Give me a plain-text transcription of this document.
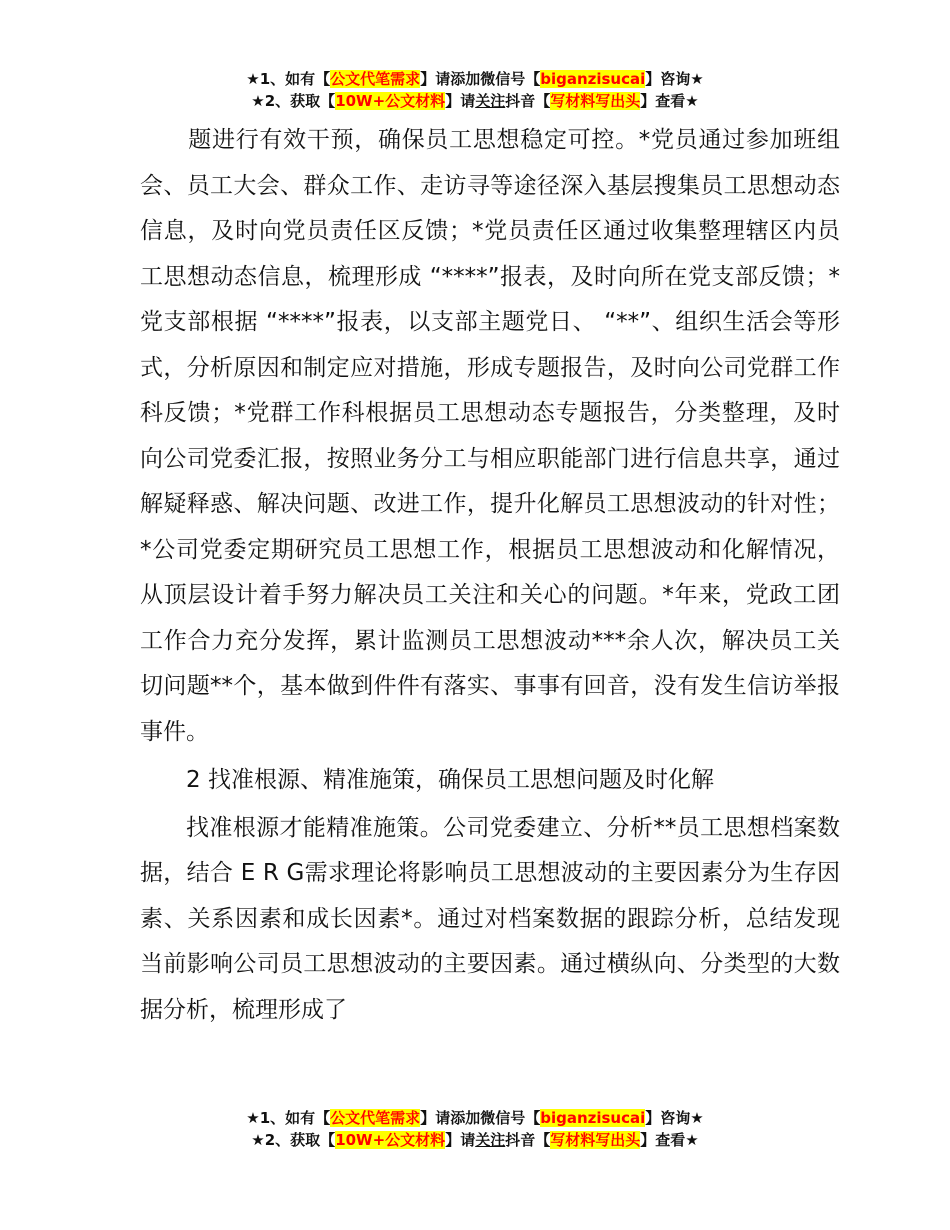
★1、如有【公文代笔需求】请添加微信号【biganzisucai】咨询★
★2、获取【10W+公文材料】请关注抖音【写材料写出头】查看★

题进行有效干预，确保员工思想稳定可控。*党员通过参加班组会、员工大会、群众工作、走访寻等途径深入基层搜集员工思想动态信息，及时向党员责任区反馈；*党员责任区通过收集整理辖区内员工思想动态信息，梳理形成 “****”报表，及时向所在党支部反馈；*党支部根据 “****”报表，以支部主题党日、 “**”、组织生活会等形式，分析原因和制定应对措施，形成专题报告，及时向公司党群工作科反馈；*党群工作科根据员工思想动态专题报告，分类整理，及时向公司党委汇报，按照业务分工与相应职能部门进行信息共享，通过解疑释惑、解决问题、改进工作，提升化解员工思想波动的针对性；*公司党委定期研究员工思想工作，根据员工思想波动和化解情况，从顶层设计着手努力解决员工关注和关心的问题。*年来，党政工团工作合力充分发挥，累计监测员工思想波动***余人次，解决员工关切问题**个，基本做到件件有落实、事事有回音，没有发生信访举报事件。

2 找准根源、精准施策，确保员工思想问题及时化解

找准根源才能精准施策。公司党委建立、分析**员工思想档案数据，结合 E R G需求理论将影响员工思想波动的主要因素分为生存因素、关系因素和成长因素*。通过对档案数据的跟踪分析，总结发现当前影响公司员工思想波动的主要因素。通过横纵向、分类型的大数据分析，梳理形成了

★1、如有【公文代笔需求】请添加微信号【biganzisucai】咨询★
★2、获取【10W+公文材料】请关注抖音【写材料写出头】查看★
